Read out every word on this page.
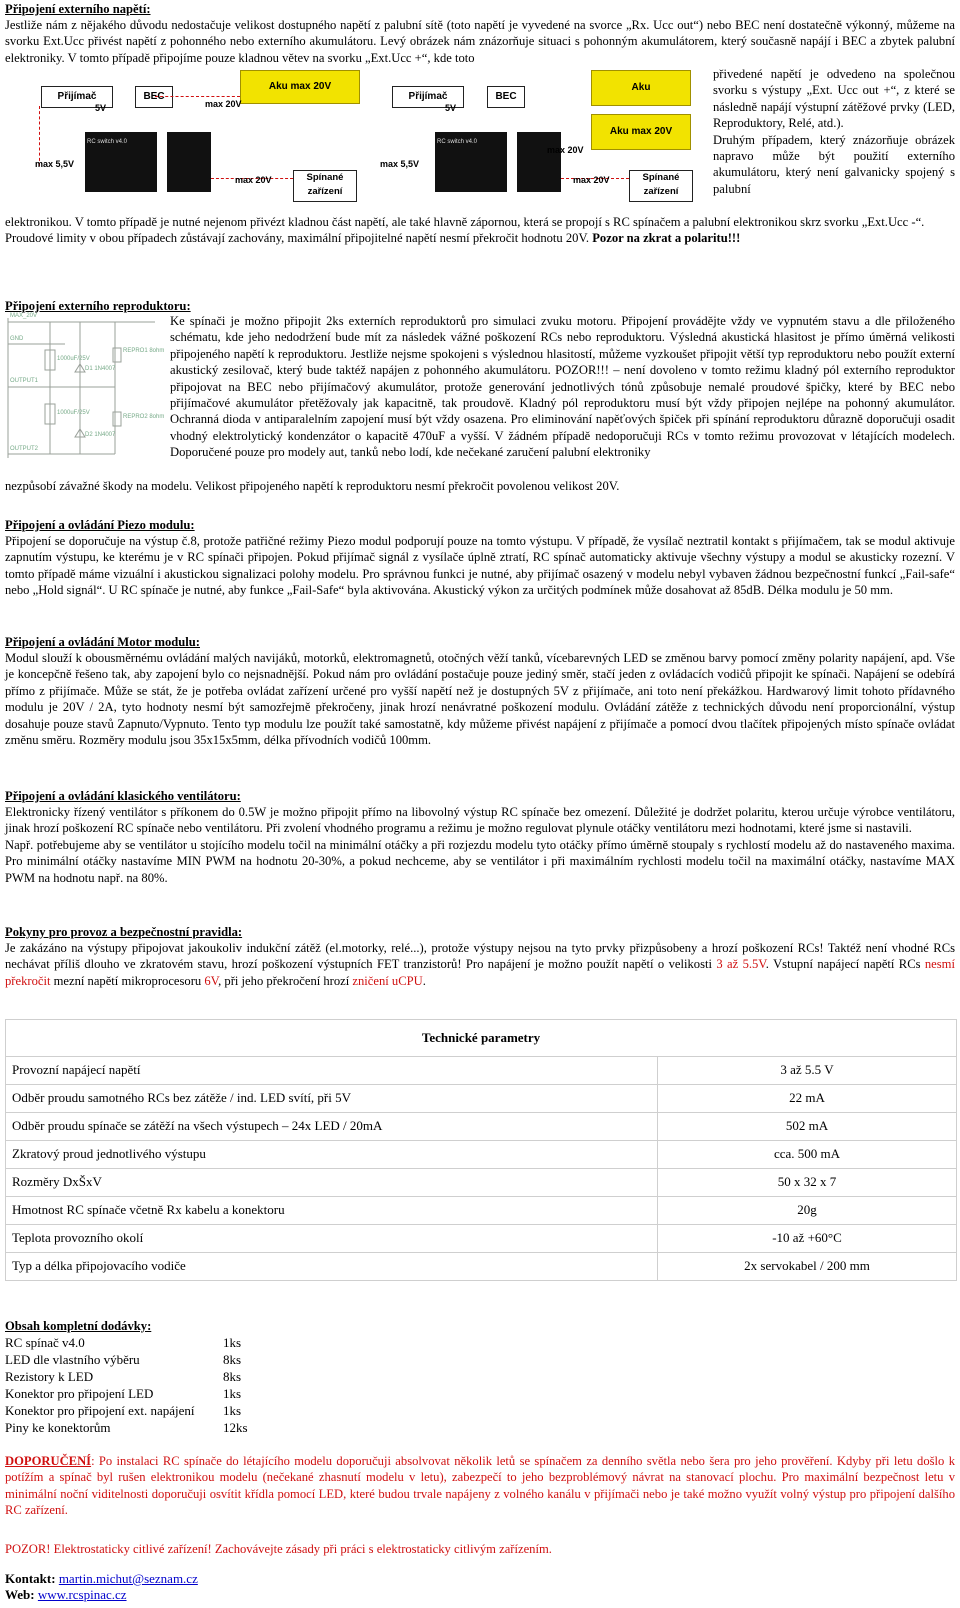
Připojení externího napětí:

Jestliže nám z nějakého důvodu nedostačuje velikost dostupného napětí z palubní sítě (toto napětí je vyvedené na svorce „Rx. Ucc out“) nebo BEC není dostatečně výkonný, můžeme na svorku Ext.Ucc přivést napětí z pohonného nebo externího akumulátoru. Levý obrázek nám znázorňuje situaci s pohonným akumulátorem, který současně napájí i BEC a zbytek palubní elektroniky. V tomto případě připojíme pouze kladnou větev na svorku „Ext.Ucc +“, kde toto

Přijímač	BEC
Aku max 20V
RC switch v4.0
Spínané zařízení
5V	max 20V
max 5,5V
max 20V
Přijímač	BEC
Aku
Aku max 20V
RC switch v4.0
Spínané zařízení
5V
max 5,5V
max 20V
max 20V

přivedené napětí je odvedeno na společnou svorku s výstupy „Ext. Ucc out +“, z které se následně napájí výstupní zátěžové prvky (LED, Reproduktory, Relé, atd.).

Druhým případem, který znázorňuje obrázek napravo může být použití externího akumulátoru, který není galvanicky spojený s palubní

elektronikou. V tomto případě je nutné nejenom přivézt kladnou část napětí, ale také hlavně zápornou, která se propojí s RC spínačem a palubní elektronikou skrz svorku „Ext.Ucc -“.

Proudové limity v obou případech zůstávají zachovány, maximální připojitelné napětí nesmí překročit hodnotu 20V. Pozor na zkrat a polaritu!!!

Připojení externího reproduktoru:
MAX_20V
GND
OUTPUT1
OUTPUT2
REPRO1 8ohm
REPRO2 8ohm
1000uF/25V
1000uF/25V
D1 1N4007
D2 1N4007

Ke spínači je možno připojit 2ks externích reproduktorů pro simulaci zvuku motoru. Připojení provádějte vždy ve vypnutém stavu a dle přiloženého schématu, kde jeho nedodržení bude mít za následek vážné poškození RCs nebo reproduktoru. Výsledná akustická hlasitost je přímo úměrná velikosti připojeného napětí k reproduktoru. Jestliže nejsme spokojeni s výslednou hlasitostí, můžeme vyzkoušet připojit větší typ reproduktoru nebo použít externí akustický zesilovač, který bude taktéž napájen z pohonného akumulátoru. POZOR!!! – není dovoleno v tomto režimu kladný pól externího reproduktor připojovat na BEC nebo přijímačový akumulátor, protože generování jednotlivých tónů způsobuje nemalé proudové špičky, které by BEC nebo přijímačové akumulátor přetěžovaly jak kapacitně, tak proudově. Kladný pól reproduktoru musí být vždy připojen nejlépe na pohonný akumulátor. Ochranná dioda v antiparalelním zapojení musí být vždy osazena. Pro eliminování napěťových špiček při spínání reproduktoru důrazně doporučuji osadit vhodný elektrolytický kondenzátor o kapacitě 470uF a vyšší. V žádném případě nedoporučuji RCs v tomto režimu provozovat v létajících modelech. Doporučené pouze pro modely aut, tanků nebo lodí, kde nečekané zaručení palubní elektroniky

nezpůsobí závažné škody na modelu. Velikost připojeného napětí k reproduktoru nesmí překročit povolenou velikost 20V.

Připojení a ovládání Piezo modulu:

Připojení se doporučuje na výstup č.8, protože patřičné režimy Piezo modul podporují pouze na tomto výstupu. V případě, že vysílač neztratil kontakt s přijímačem, tak se modul aktivuje zapnutím výstupu, ke kterému je v RC spínači připojen. Pokud přijímač signál z vysílače úplně ztratí, RC spínač automaticky aktivuje všechny výstupy a modul se akusticky rozezní. V tomto případě máme vizuální i akustickou signalizaci polohy modelu. Pro správnou funkci je nutné, aby přijímač osazený v modelu nebyl vybaven žádnou bezpečnostní funkcí „Fail-safe“ nebo „Hold signál“. U RC spínače je nutné, aby funkce „Fail-Safe“ byla aktivována. Akustický výkon za určitých podmínek může dosahovat až 85dB. Délka modulu je 50 mm.

Připojení a ovládání Motor modulu:

Modul slouží k obousměrnému ovládání malých navijáků, motorků, elektromagnetů, otočných věží tanků, vícebarevných LED se změnou barvy pomocí změny polarity napájení, apd. Vše je koncepčně řešeno tak, aby zapojení bylo co nejsnadnější. Pokud nám pro ovládání postačuje pouze jediný směr, stačí jeden z ovládacích vodičů připojit ke spínači. Napájení se odebírá přímo z přijímače. Může se stát, že je potřeba ovládat zařízení určené pro vyšší napětí než je dostupných 5V z přijímače, ani toto není překážkou. Hardwarový limit tohoto přídavného modulu je 20V / 2A, tyto hodnoty nesmí být samozřejmě překročeny, jinak hrozí nenávratné poškození modulu. Ovládání zátěže z technických důvodu není proporcionální, výstup dosahuje pouze stavů Zapnuto/Vypnuto. Tento typ modulu lze použít také samostatně, kdy můžeme přivést napájení z přijímače a pomocí dvou tlačítek připojených místo spínače ovládat změnu směru. Rozměry modulu jsou 35x15x5mm, délka přívodních vodičů 100mm.

Připojení a ovládání klasického ventilátoru:

Elektronicky řízený ventilátor s příkonem do 0.5W je možno připojit přímo na libovolný výstup RC spínače bez omezení. Důležité je dodržet polaritu, kterou určuje výrobce ventilátoru, jinak hrozí poškození RC spínače nebo ventilátoru. Při zvolení vhodného programu a režimu je možno regulovat plynule otáčky ventilátoru mezi hodnotami, které jsme si nastavili.

Např. potřebujeme aby se ventilátor u stojícího modelu točil na minimální otáčky a při rozjezdu modelu tyto otáčky přímo úměrně stoupaly s rychlostí modelu až do nastaveného maxima. Pro minimální otáčky nastavíme MIN PWM na hodnotu 20-30%, a pokud nechceme, aby se ventilátor i při maximálním rychlosti modelu točil na maximální otáčky, nastavíme MAX PWM na hodnotu např. na 80%.

Pokyny pro provoz a bezpečnostní pravidla:

Je zakázáno na výstupy připojovat jakoukoliv indukční zátěž (el.motorky, relé...), protože výstupy nejsou na tyto prvky přizpůsobeny a hrozí poškození RCs! Taktéž není vhodné RCs nechávat příliš dlouho ve zkratovém stavu, hrozí poškození výstupních FET tranzistorů! Pro napájení je možno použít napětí o velikosti 3 až 5.5V. Vstupní napájecí napětí RCs nesmí překročit mezní napětí mikroprocesoru 6V, při jeho překročení hrozí zničení uCPU.

Technické parametry	
Provozní napájecí napětí	3 až 5.5 V
Odběr proudu samotného RCs bez zátěže / ind. LED svítí, při 5V	22 mA
Odběr proudu spínače se zátěží na všech výstupech – 24x LED / 20mA	502 mA
Zkratový proud jednotlivého výstupu	cca. 500 mA
Rozměry DxŠxV	50 x 32 x 7
Hmotnost RC spínače včetně Rx kabelu a konektoru	20g
Teplota provozního okolí	-10 až +60°C
Typ a délka připojovacího vodiče	2x servokabel / 200 mm
Obsah kompletní dodávky:
RC spínač v4.0	1ks
LED dle vlastního výběru	8ks
Rezistory k LED	8ks
Konektor pro připojení LED	1ks
Konektor pro připojení ext. napájení	1ks
Piny ke konektorům	12ks

DOPORUČENÍ: Po instalaci RC spínače do létajícího modelu doporučuji absolvovat několik letů se spínačem za denního světla nebo šera pro jeho prověření. Kdyby při letu došlo k potížím a spínač byl rušen elektronikou modelu (nečekané zhasnutí modelu v letu), zabezpečí to jeho bezproblémový návrat na stanovací plochu. Pro maximální bezpečnost letu v minimální noční viditelnosti doporučuji osvítit křídla pomocí LED, které budou trvale napájeny z volného kanálu v přijímači nebo je také možno využít volný výstup pro připojení dalšího RC zařízení.

POZOR! Elektrostaticky citlivé zařízení! Zachovávejte zásady při práci s elektrostaticky citlivým zařízením.

Kontakt: martin.michut@seznam.cz
Web: www.rcspinac.cz
